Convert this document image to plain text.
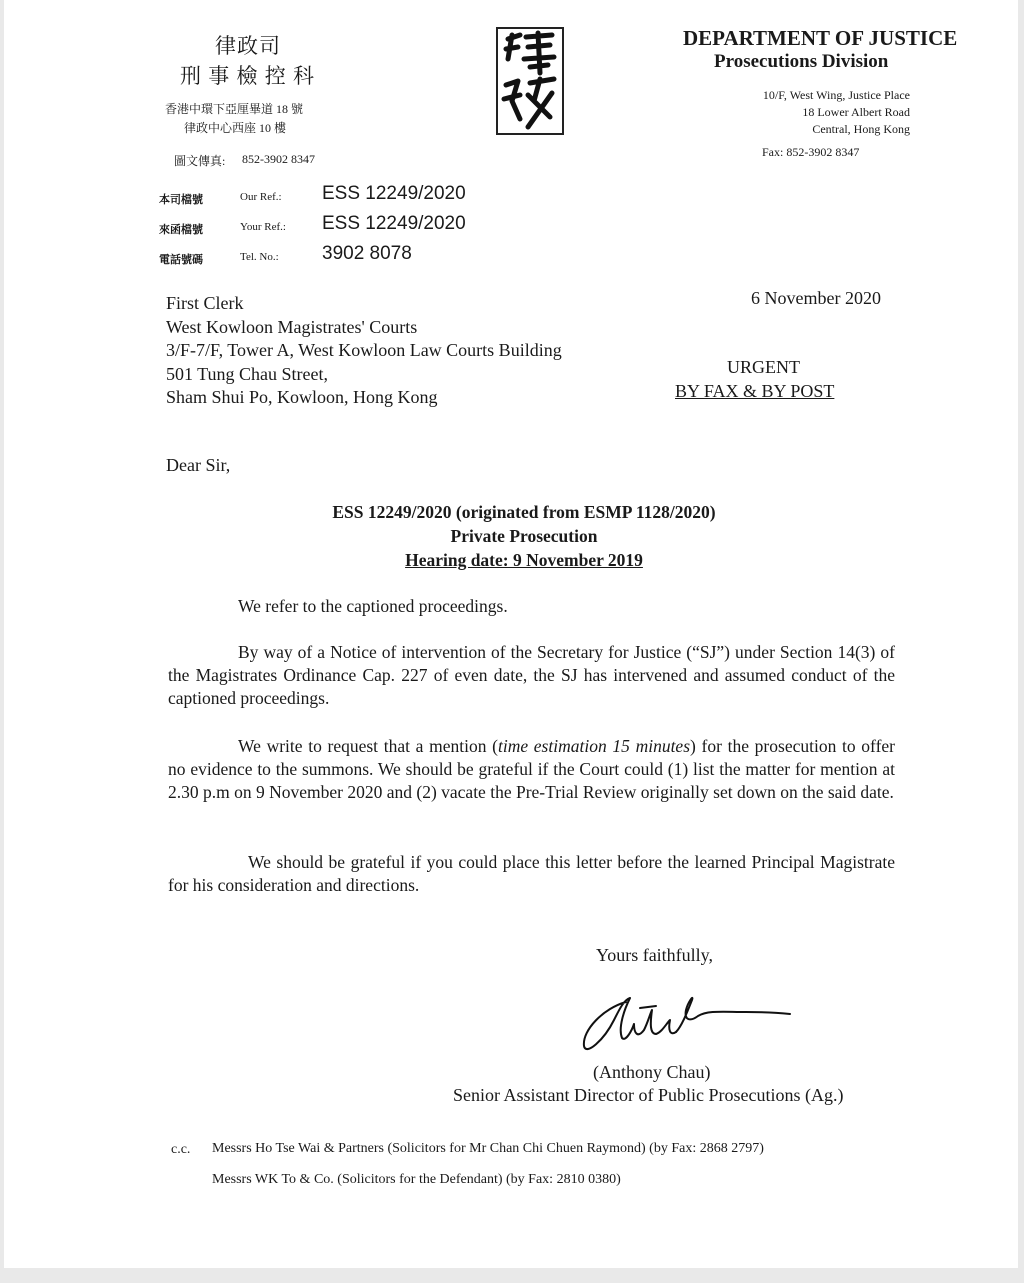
律政司
刑 事 檢 控 科
香港中環下亞厘畢道 18 號
律政中心西座 10 樓
圖文傳真: 852-3902 8347
DEPARTMENT OF JUSTICE
Prosecutions Division
10/F, West Wing, Justice Place
18 Lower Albert Road
Central, Hong Kong
Fax: 852-3902 8347
本司檔號	Our Ref.: ESS 12249/2020
來函檔號	Your Ref.: ESS 12249/2020
電話號碼	Tel. No.: 3902 8078
First Clerk
West Kowloon Magistrates' Courts
3/F-7/F, Tower A, West Kowloon Law Courts Building
501 Tung Chau Street,
Sham Shui Po, Kowloon, Hong Kong
6 November 2020
URGENT
BY FAX & BY POST
Dear Sir,
ESS 12249/2020 (originated from ESMP 1128/2020)
Private Prosecution
Hearing date: 9 November 2019
We refer to the captioned proceedings.
By way of a Notice of intervention of the Secretary for Justice (“SJ”) under Section 14(3) of the Magistrates Ordinance Cap. 227 of even date, the SJ has intervened and assumed conduct of the captioned proceedings.
We write to request that a mention (time estimation 15 minutes) for the prosecution to offer no evidence to the summons. We should be grateful if the Court could (1) list the matter for mention at 2.30 p.m on 9 November 2020 and (2) vacate the Pre-Trial Review originally set down on the said date.
We should be grateful if you could place this letter before the learned Principal Magistrate for his consideration and directions.
Yours faithfully,
(Anthony Chau)
Senior Assistant Director of Public Prosecutions (Ag.)
c.c. Messrs Ho Tse Wai & Partners (Solicitors for Mr Chan Chi Chuen Raymond) (by Fax: 2868 2797)
Messrs WK To & Co. (Solicitors for the Defendant) (by Fax: 2810 0380)
